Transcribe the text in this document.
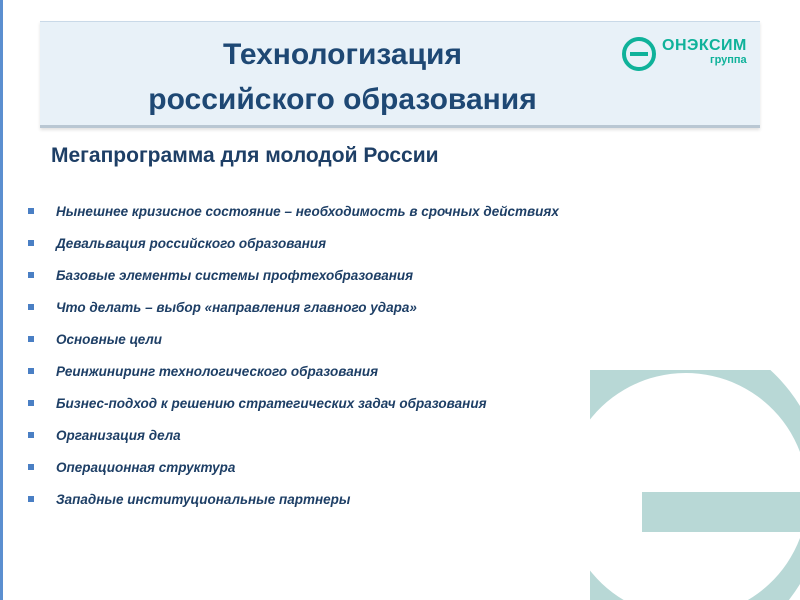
Технологизация
российского образования
ОНЭКСИМ
группа
Мегапрограмма для молодой России
Нынешнее кризисное состояние – необходимость в срочных действиях
Девальвация российского образования
Базовые элементы системы профтехобразования
Что делать – выбор «направления главного удара»
Основные цели
Реинжиниринг технологического образования
Бизнес-подход к решению стратегических задач образования
Организация дела
Операционная структура
Западные институциональные партнеры
